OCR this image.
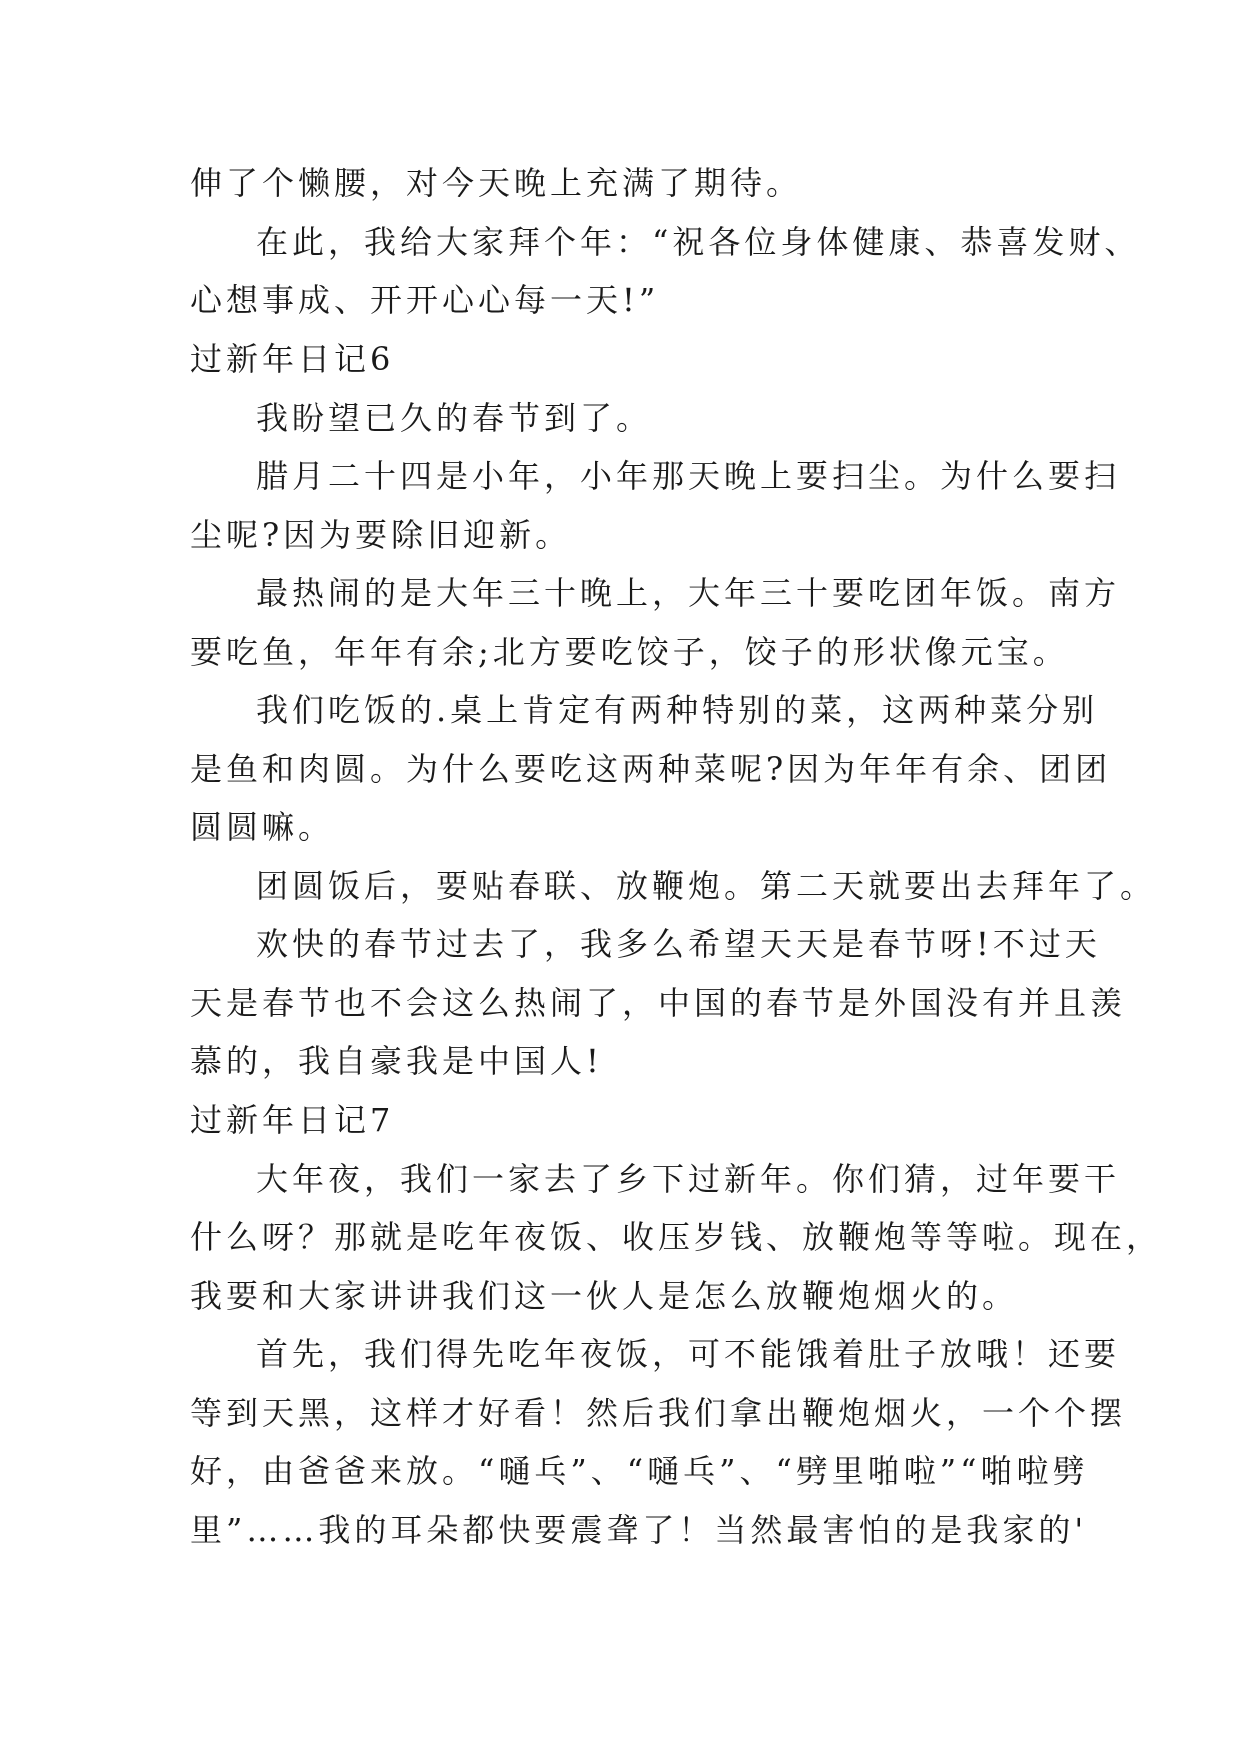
伸了个懒腰，对今天晚上充满了期待。
在此，我给大家拜个年：“祝各位身体健康、恭喜发财、
心想事成、开开心心每一天!”
过新年日记6
我盼望已久的春节到了。
腊月二十四是小年，小年那天晚上要扫尘。为什么要扫
尘呢?因为要除旧迎新。
最热闹的是大年三十晚上，大年三十要吃团年饭。南方
要吃鱼，年年有余;北方要吃饺子，饺子的形状像元宝。
我们吃饭的.桌上肯定有两种特别的菜，这两种菜分别
是鱼和肉圆。为什么要吃这两种菜呢?因为年年有余、团团
圆圆嘛。
团圆饭后，要贴春联、放鞭炮。第二天就要出去拜年了。
欢快的春节过去了，我多么希望天天是春节呀!不过天
天是春节也不会这么热闹了，中国的春节是外国没有并且羡
慕的，我自豪我是中国人!
过新年日记7
大年夜，我们一家去了乡下过新年。你们猜，过年要干
什么呀？那就是吃年夜饭、收压岁钱、放鞭炮等等啦。现在，
我要和大家讲讲我们这一伙人是怎么放鞭炮烟火的。
首先，我们得先吃年夜饭，可不能饿着肚子放哦！还要
等到天黑，这样才好看！然后我们拿出鞭炮烟火，一个个摆
好，由爸爸来放。“嗵乓”、“嗵乓”、“劈里啪啦”“啪啦劈
里”……我的耳朵都快要震聋了！当然最害怕的是我家的'
